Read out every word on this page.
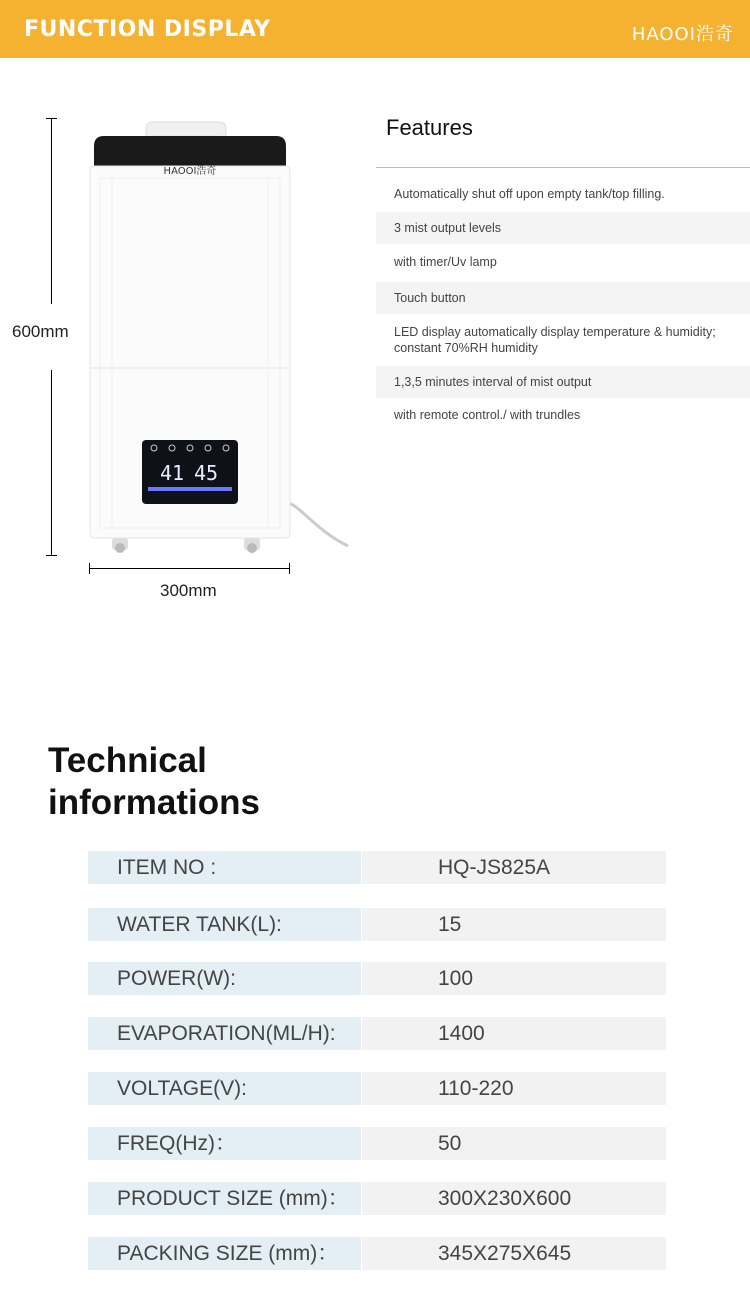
FUNCTION DISPLAY	HAOOI浩奇
600mm
300mm
HAOOI浩奇
41 45
Features
Automatically shut off upon empty tank/top filling.
3 mist output levels
with timer/Uv lamp
Touch button
LED display automatically display temperature & humidity; constant 70%RH humidity
1,3,5 minutes interval of mist output
with remote control./ with trundles
Technical
informations
ITEM NO :	HQ-JS825A
WATER TANK(L):	15
POWER(W):	100
EVAPORATION(ML/H):	1400
VOLTAGE(V):	110-220
FREQ(Hz)：	50
PRODUCT SIZE (mm)：	300X230X600
PACKING SIZE (mm)：	345X275X645
